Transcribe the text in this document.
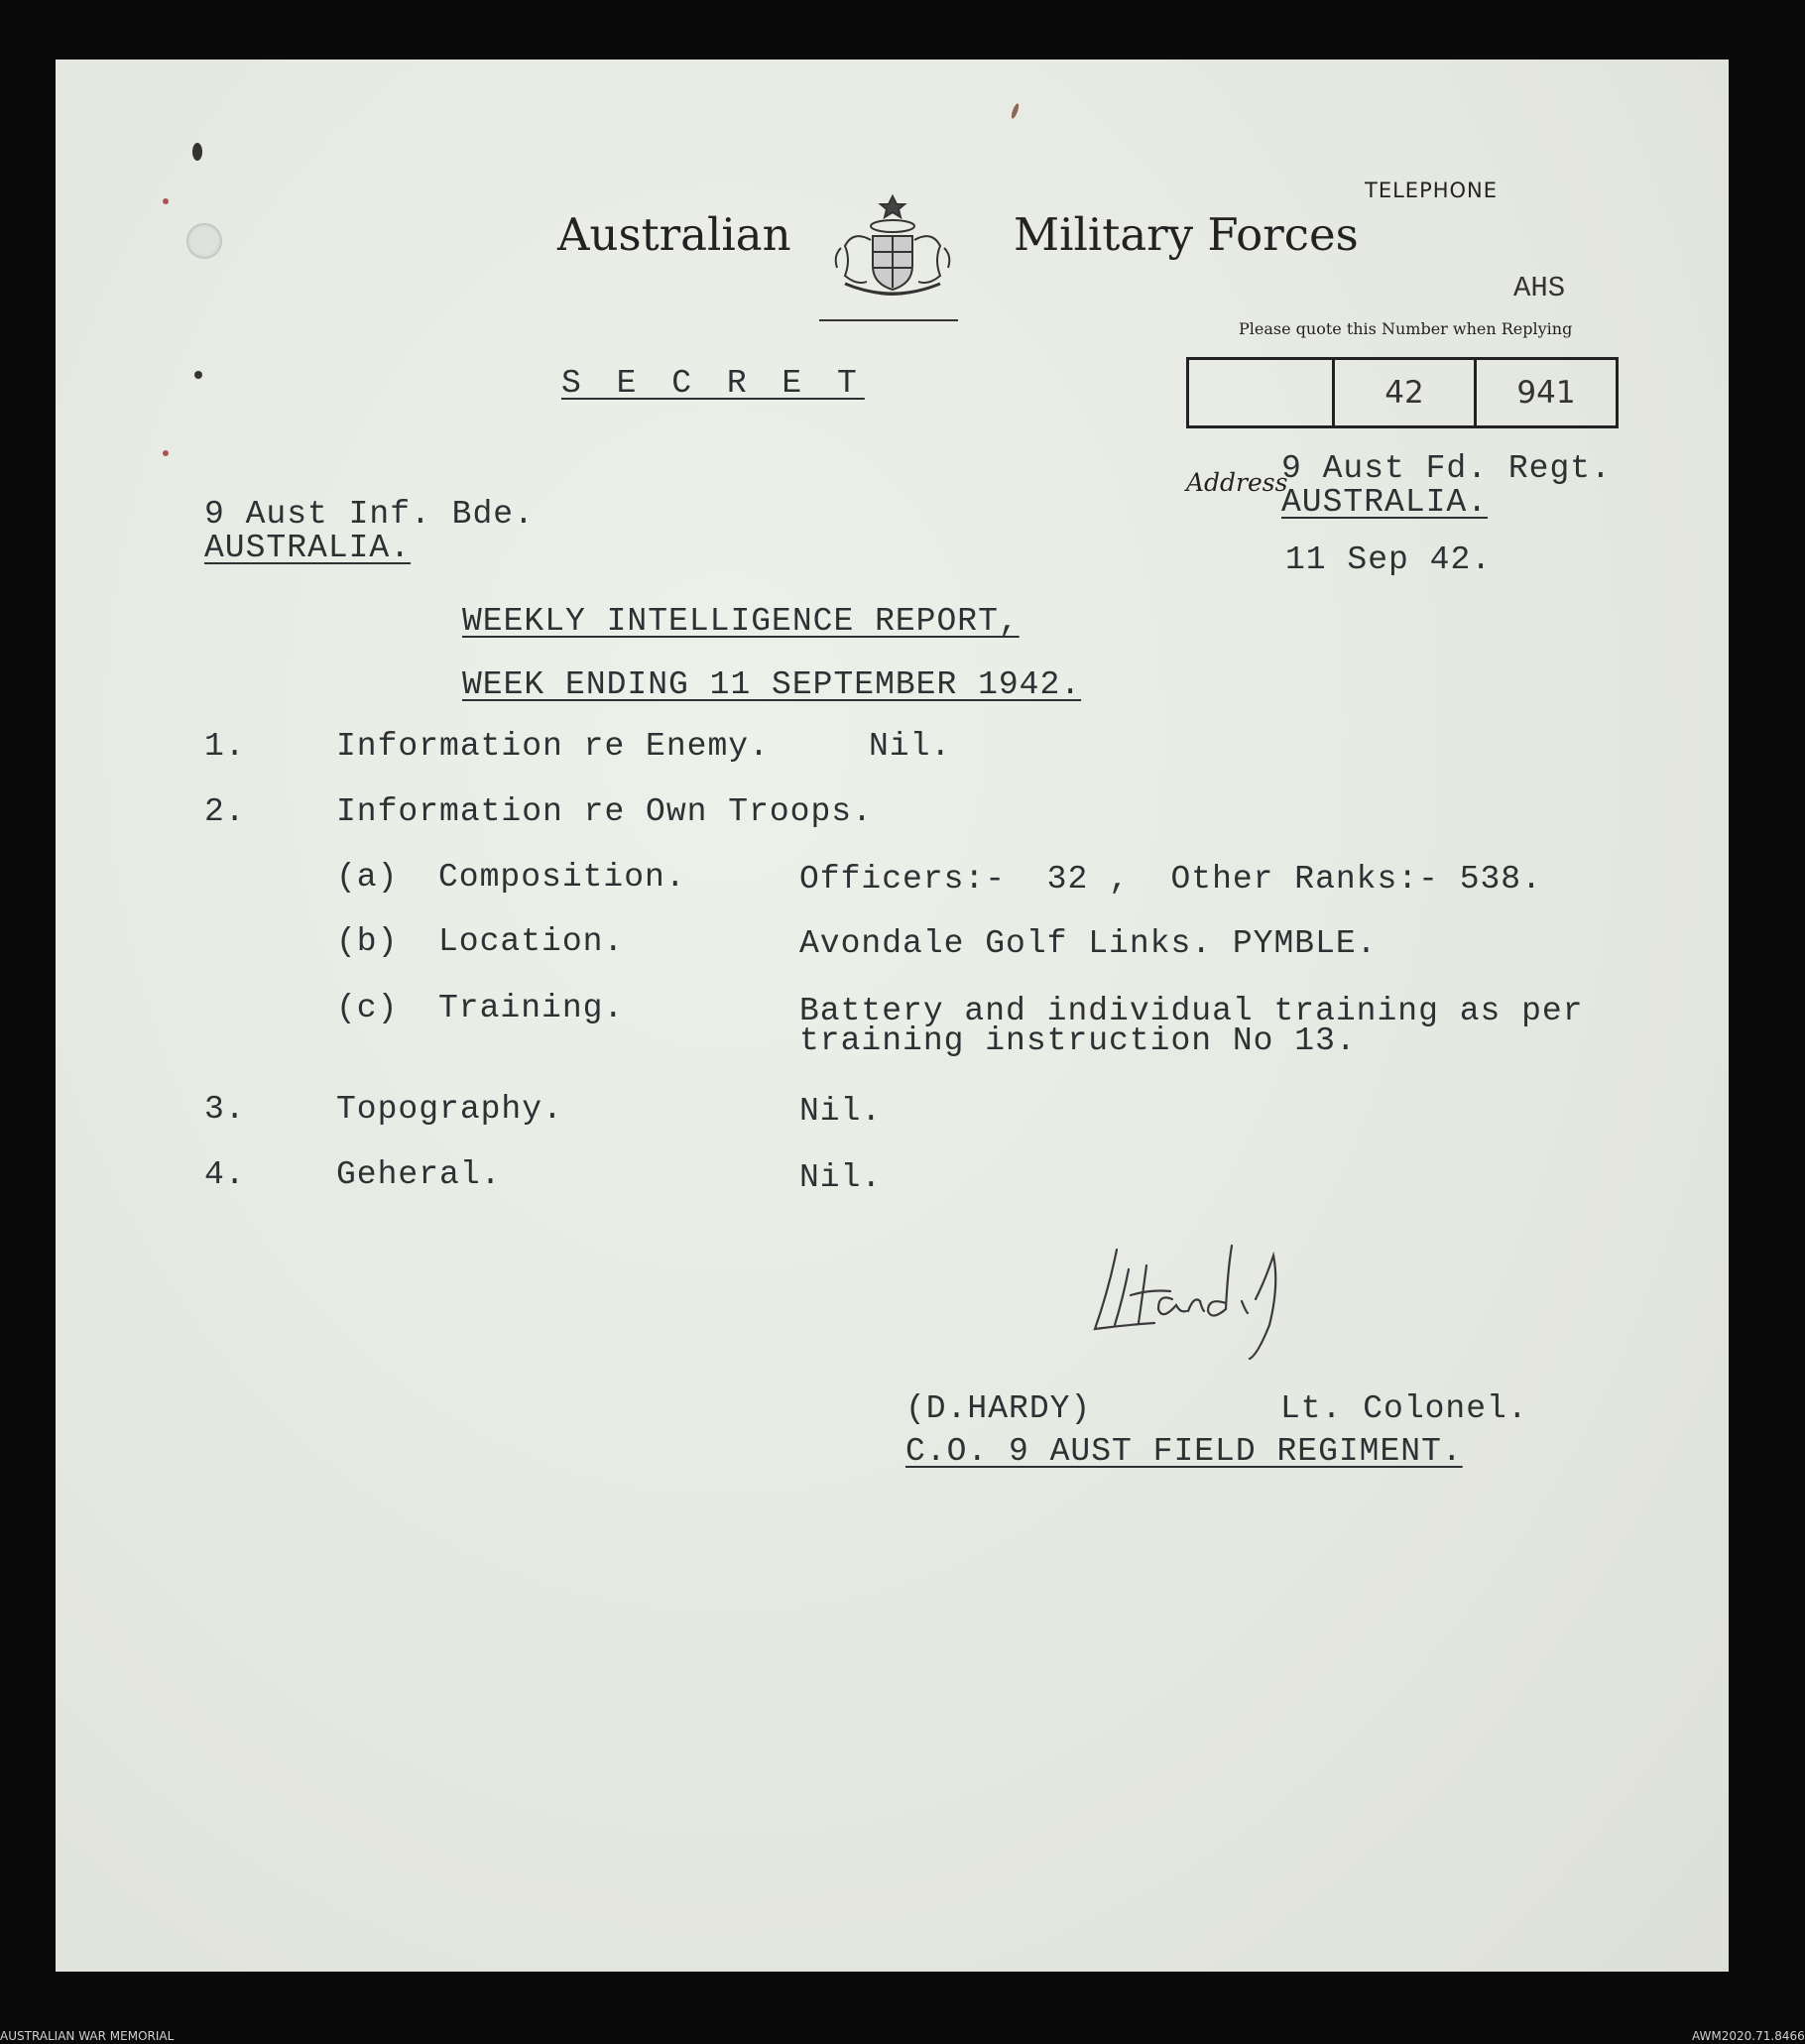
Australian	Military Forces
TELEPHONE
AHS
Please quote this Number when Replying
42	941
S E C R E T
Address
9 Aust Fd. Regt.
AUSTRALIA.
11 Sep 42.
9 Aust Inf. Bde.
AUSTRALIA.
WEEKLY INTELLIGENCE REPORT,
WEEK ENDING 11 SEPTEMBER 1942.
1.	Information re Enemy.	Nil.
2.	Information re Own Troops.
(a) Composition.	Officers:-  32 ,  Other Ranks:- 538.
(b) Location.	Avondale Golf Links. PYMBLE.
(c) Training.	Battery and individual training as per
training instruction No 13.
3.	Topography.	Nil.
4.	Geheral.	Nil.
(D.HARDY)	Lt. Colonel.
C.O. 9 AUST FIELD REGIMENT.
AUSTRALIAN WAR MEMORIAL	AWM2020.71.8466
